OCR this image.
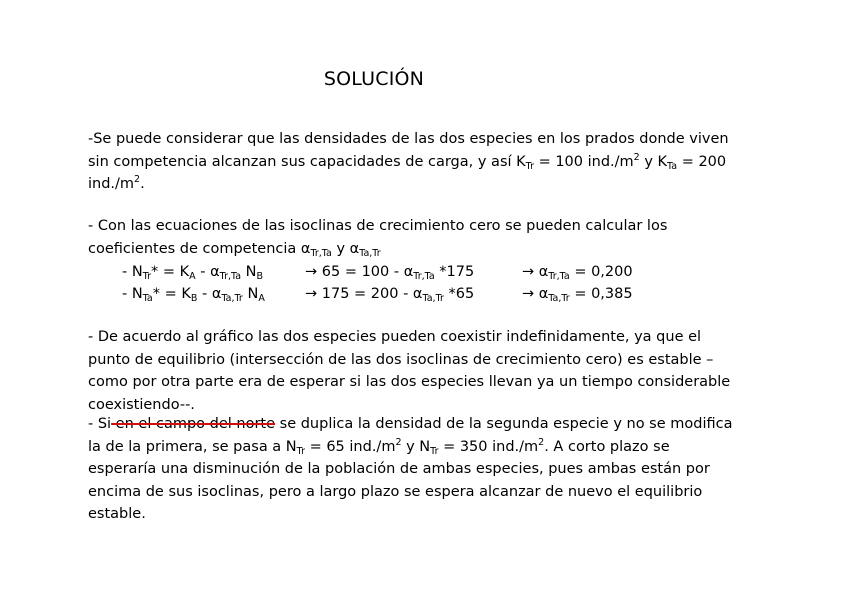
SOLUCIÓN
-Se puede considerar que las densidades de las dos especies en los prados donde viven sin competencia alcanzan sus capacidades de carga, y así $K_{Tr} = 100$ $ind./m^2$ y $K_{Ta} = 200$ $ind./m^2$.
- Con las ecuaciones de las isoclinas de crecimiento cero se pueden calcular los coeficientes de competencia $\alpha_{Tr,Ta}$ y $\alpha_{Ta,Tr}$
- $N_{Tr}* = K_A - \alpha_{Tr,Ta}$ $N_B$	→ $65 = 100 - \alpha_{Tr,Ta}$ *175	→ $\alpha_{Tr,Ta} = 0,200$
- $N_{Ta}* = K_B - \alpha_{Ta,Tr}$ $N_A$	→ $175 = 200 - \alpha_{Ta,Tr}$ *65	→ $\alpha_{Ta,Tr} = 0,385$
- De acuerdo al gráfico las dos especies pueden coexistir indefinidamente, ya que el punto de equilibrio (intersección de las dos isoclinas de crecimiento cero) es estable – como por otra parte era de esperar si las dos especies llevan ya un tiempo considerable coexistiendo--.
- Si en el campo del norte se duplica la densidad de la segunda especie y no se modifica la de la primera, se pasa a $N_{Tr} = 65$ $ind./m^2$ y $N_{Tr} = 350$ $ind./m^2$. A corto plazo se esperaría una disminución de la población de ambas especies, pues ambas están por encima de sus isoclinas, pero a largo plazo se espera alcanzar de nuevo el equilibrio estable.
